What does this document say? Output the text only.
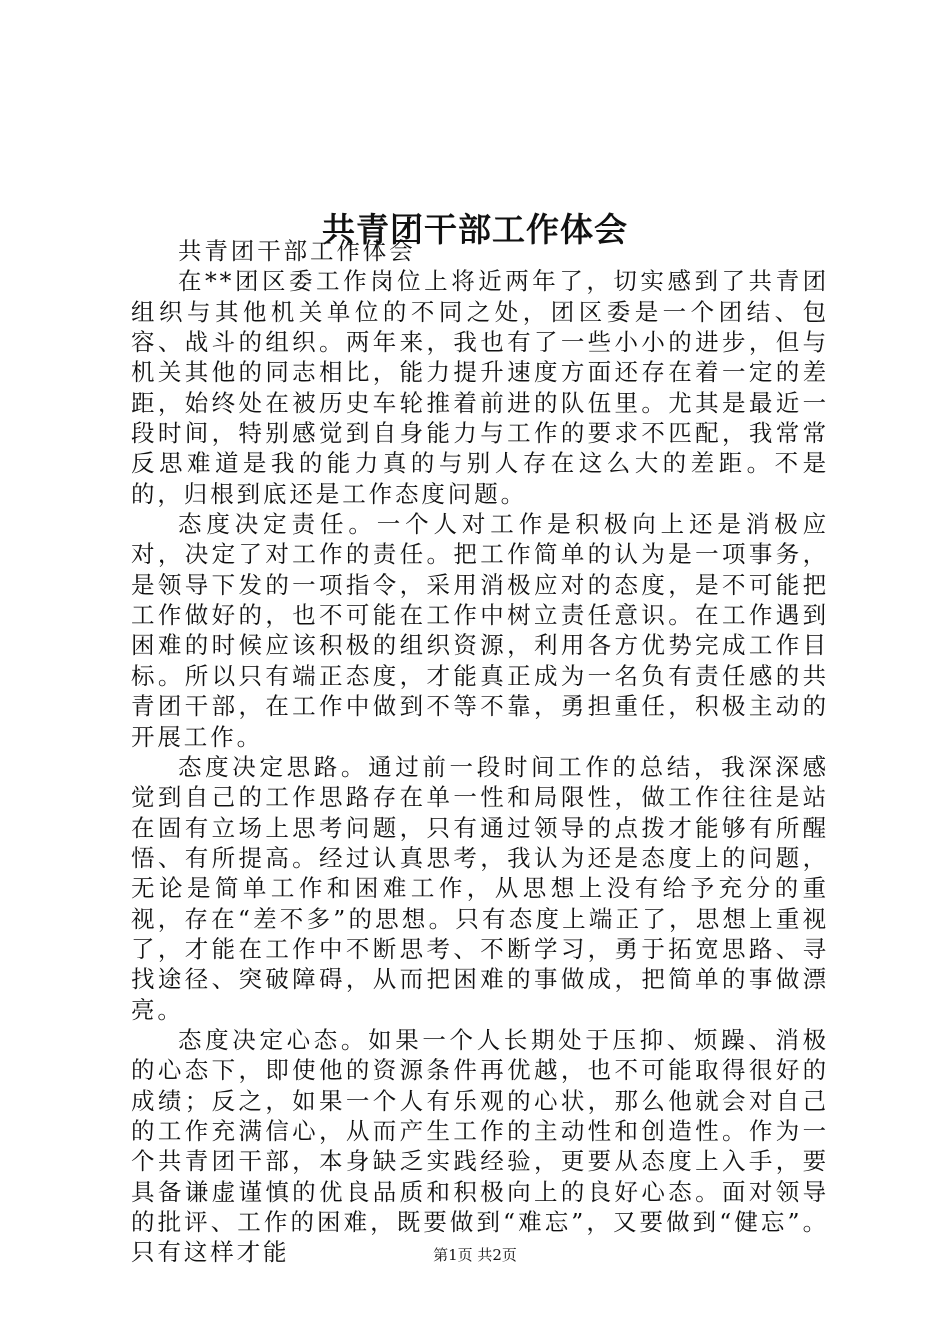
共青团干部工作体会

共青团干部工作体会

在**团区委工作岗位上将近两年了，切实感到了共青团组织与其他机关单位的不同之处，团区委是一个团结、包容、战斗的组织。两年来，我也有了一些小小的进步，但与机关其他的同志相比，能力提升速度方面还存在着一定的差距，始终处在被历史车轮推着前进的队伍里。尤其是最近一段时间，特别感觉到自身能力与工作的要求不匹配，我常常反思难道是我的能力真的与别人存在这么大的差距。不是的，归根到底还是工作态度问题。

态度决定责任。一个人对工作是积极向上还是消极应对，决定了对工作的责任。把工作简单的认为是一项事务，是领导下发的一项指令，采用消极应对的态度，是不可能把工作做好的，也不可能在工作中树立责任意识。在工作遇到困难的时候应该积极的组织资源，利用各方优势完成工作目标。所以只有端正态度，才能真正成为一名负有责任感的共青团干部，在工作中做到不等不靠，勇担重任，积极主动的开展工作。

态度决定思路。通过前一段时间工作的总结，我深深感觉到自己的工作思路存在单一性和局限性，做工作往往是站在固有立场上思考问题，只有通过领导的点拨才能够有所醒悟、有所提高。经过认真思考，我认为还是态度上的问题，无论是简单工作和困难工作，从思想上没有给予充分的重视，存在“差不多”的思想。只有态度上端正了，思想上重视了，才能在工作中不断思考、不断学习，勇于拓宽思路、寻找途径、突破障碍，从而把困难的事做成，把简单的事做漂亮。

态度决定心态。如果一个人长期处于压抑、烦躁、消极的心态下，即使他的资源条件再优越，也不可能取得很好的成绩；反之，如果一个人有乐观的心状，那么他就会对自己的工作充满信心，从而产生工作的主动性和创造性。作为一个共青团干部，本身缺乏实践经验，更要从态度上入手，要具备谦虚谨慎的优良品质和积极向上的良好心态。面对领导的批评、工作的困难，既要做到“难忘”，又要做到“健忘”。只有这样才能	第1页 共2页
